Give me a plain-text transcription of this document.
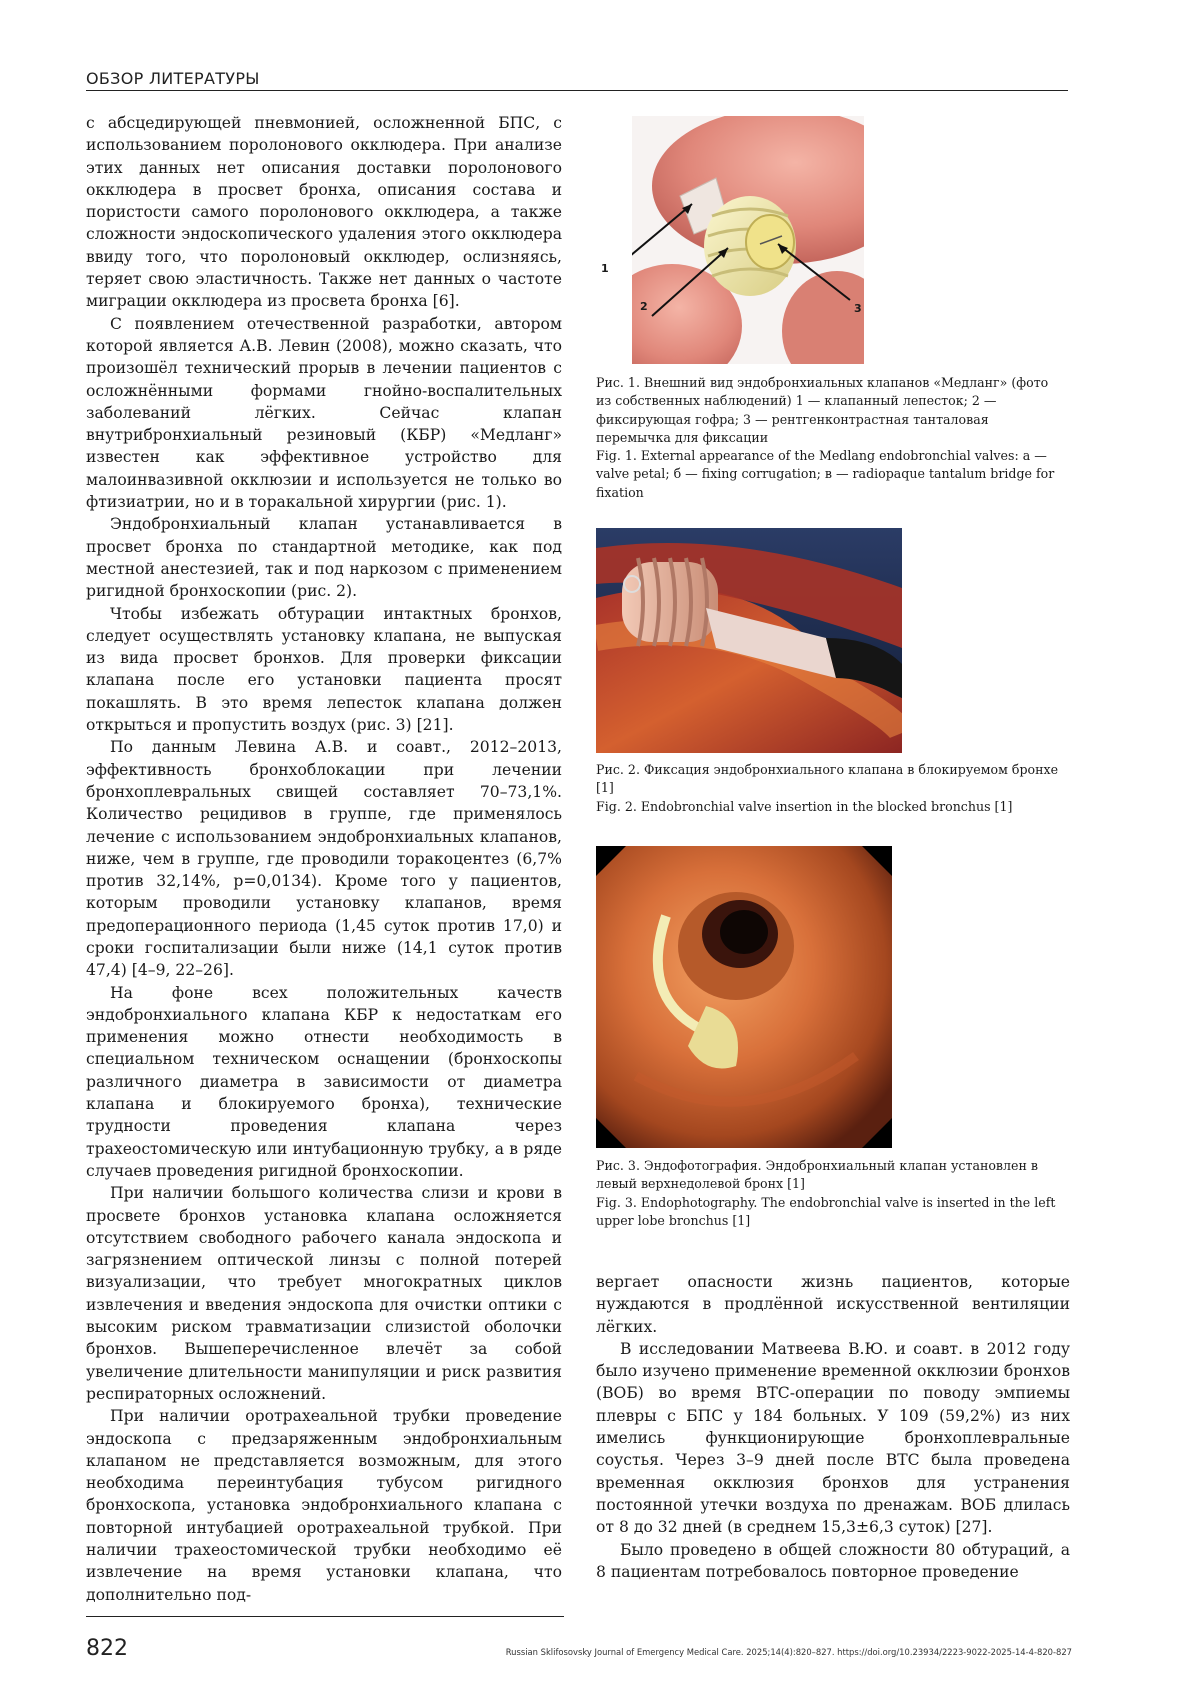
ОБЗОР ЛИТЕРАТУРЫ

с абсцедирующей пневмонией, осложненной БПС, с использованием поролонового окклюдера. При анализе этих данных нет описания доставки поролонового окклюдера в просвет бронха, описания состава и пористости самого поролонового окклюдера, а также сложности эндоскопического удаления этого окклюдера ввиду того, что поролоновый окклюдер, ослизняясь, теряет свою эластичность. Также нет данных о частоте миграции окклюдера из просвета бронха [6].

С появлением отечественной разработки, автором которой является А.В. Левин (2008), можно сказать, что произошёл технический прорыв в лечении пациентов с осложнёнными формами гнойно-воспалительных заболеваний лёгких. Сейчас клапан внутрибронхиальный резиновый (КБР) «Медланг» известен как эффективное устройство для малоинвазивной окклюзии и используется не только во фтизиатрии, но и в торакальной хирургии (рис. 1).

Эндобронхиальный клапан устанавливается в просвет бронха по стандартной методике, как под местной анестезией, так и под наркозом с применением ригидной бронхоскопии (рис. 2).

Чтобы избежать обтурации интактных бронхов, следует осуществлять установку клапана, не выпуская из вида просвет бронхов. Для проверки фиксации клапана после его установки пациента просят покашлять. В это время лепесток клапана должен открыться и пропустить воздух (рис. 3) [21].

По данным Левина А.В. и соавт., 2012–2013, эффективность бронхоблокации при лечении бронхоплевральных свищей составляет 70–73,1%. Количество рецидивов в группе, где применялось лечение с использованием эндобронхиальных клапанов, ниже, чем в группе, где проводили торакоцентез (6,7% против 32,14%, p=0,0134). Кроме того у пациентов, которым проводили установку клапанов, время предоперационного периода (1,45 суток против 17,0) и сроки госпитализации были ниже (14,1 суток против 47,4) [4–9, 22–26].

На фоне всех положительных качеств эндобронхиального клапана КБР к недостаткам его применения можно отнести необходимость в специальном техническом оснащении (бронхоскопы различного диаметра в зависимости от диаметра клапана и блокируемого бронха), технические трудности проведения клапана через трахеостомическую или интубационную трубку, а в ряде случаев проведения ригидной бронхоскопии.

При наличии большого количества слизи и крови в просвете бронхов установка клапана осложняется отсутствием свободного рабочего канала эндоскопа и загрязнением оптической линзы с полной потерей визуализации, что требует многократных циклов извлечения и введения эндоскопа для очистки оптики с высоким риском травматизации слизистой оболочки бронхов. Вышеперечисленное влечёт за собой увеличение длительности манипуляции и риск развития респираторных осложнений.

При наличии оротрахеальной трубки проведение эндоскопа с предзаряженным эндобронхиальным клапаном не представляется возможным, для этого необходима переинтубация тубусом ригидного бронхоскопа, установка эндобронхиального клапана с повторной интубацией оротрахеальной трубкой. При наличии трахеостомической трубки необходимо её извлечение на время установки клапана, что дополнительно под-

1
2	3
Рис. 1. Внешний вид эндобронхиальных клапанов «Медланг» (фото из собственных наблюдений) 1 — клапанный лепесток; 2 — фиксирующая гофра; 3 — рентгенконтрастная танталовая перемычка для фиксации
Fig. 1. External appearance of the Medlang endobronchial valves: а — valve petal; б — fixing corrugation; в — radiopaque tantalum bridge for fixation
Рис. 2. Фиксация эндобронхиального клапана в блокируемом бронхе [1]
Fig. 2. Endobronchial valve insertion in the blocked bronchus [1]
Рис. 3. Эндофотография. Эндобронхиальный клапан установлен в левый верхнедолевой бронх [1]
Fig. 3. Endophotography. The endobronchial valve is inserted in the left upper lobe bronchus [1]

вергает опасности жизнь пациентов, которые нуждаются в продлённой искусственной вентиляции лёгких.

В исследовании Матвеева В.Ю. и соавт. в 2012 году было изучено применение временной окклюзии бронхов (ВОБ) во время ВТС-операции по поводу эмпиемы плевры с БПС у 184 больных. У 109 (59,2%) из них имелись функционирующие бронхоплевральные соустья. Через 3–9 дней после ВТС была проведена временная окклюзия бронхов для устранения постоянной утечки воздуха по дренажам. ВОБ длилась от 8 до 32 дней (в среднем 15,3±6,3 суток) [27].

Было проведено в общей сложности 80 обтураций, а 8 пациентам потребовалось повторное проведение

822	Russian Sklifosovsky Journal of Emergency Medical Care. 2025;14(4):820–827. https://doi.org/10.23934/2223-9022-2025-14-4-820-827
